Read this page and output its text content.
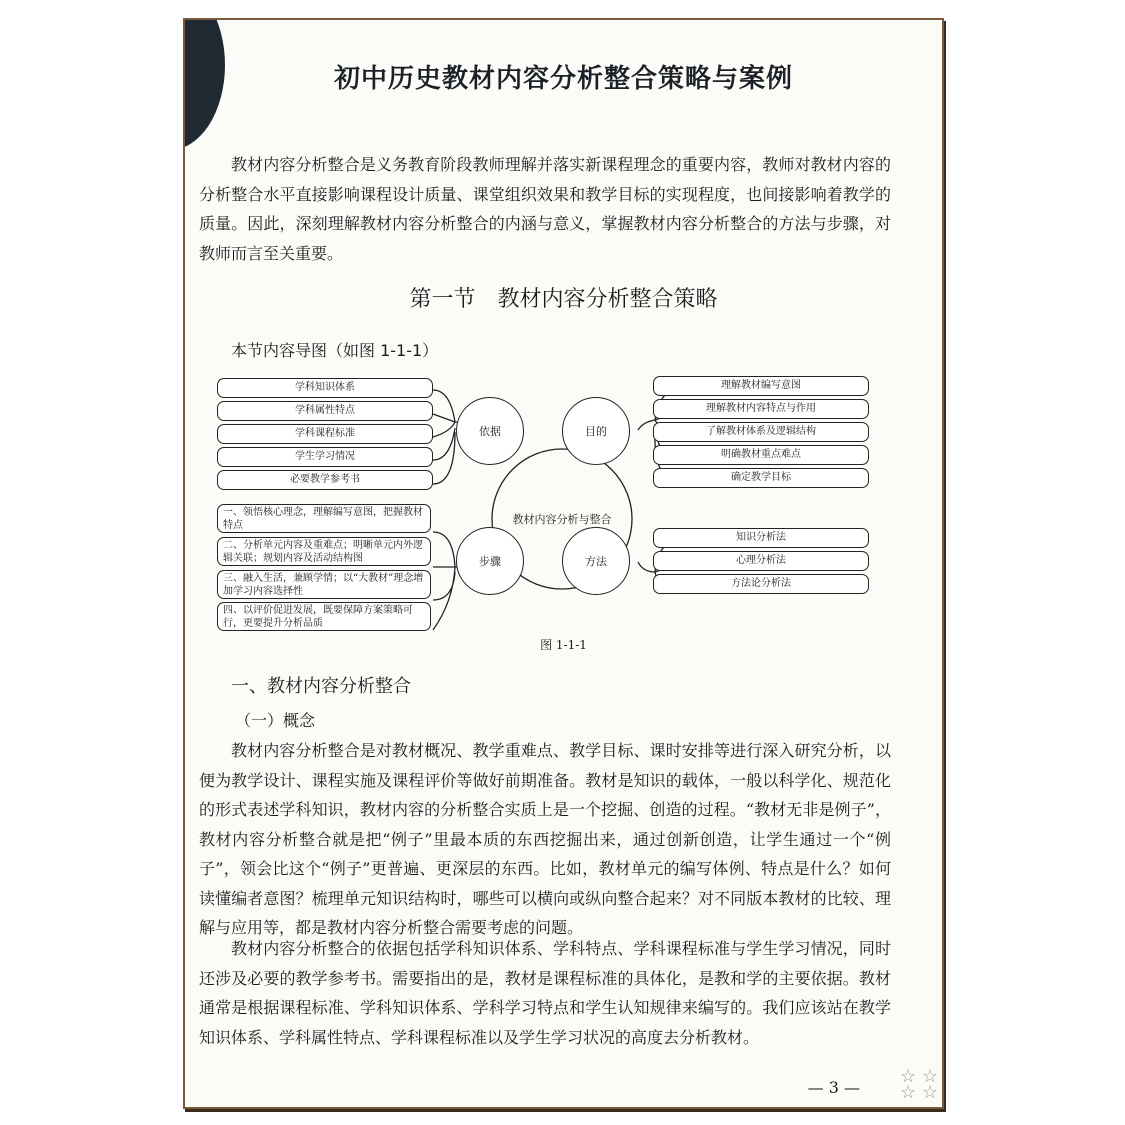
初中历史教材内容分析整合策略与案例
教材内容分析整合是义务教育阶段教师理解并落实新课程理念的重要内容，教师对教材内容的分析整合水平直接影响课程设计质量、课堂组织效果和教学目标的实现程度，也间接影响着教学的质量。因此，深刻理解教材内容分析整合的内涵与意义，掌握教材内容分析整合的方法与步骤，对教师而言至关重要。
第一节　教材内容分析整合策略
本节内容导图（如图 1-1-1）
学科知识体系
学科属性特点
学科课程标准
学生学习情况
必要教学参考书
理解教材编写意图
理解教材内容特点与作用
了解教材体系及逻辑结构
明确教材重点难点
确定教学目标
一、领悟核心理念，理解编写意图，把握教材特点
二、分析单元内容及重难点；明晰单元内外逻辑关联；规划内容及活动结构图
三、融入生活，兼顾学情；以“大教材”理念增加学习内容选择性
四、以评价促进发展，既要保障方案策略可行，更要提升分析品质
知识分析法
心理分析法
方法论分析法
依据	目的
步骤	方法
教材内容分析与整合
图 1-1-1
一、教材内容分析整合
（一）概念
教材内容分析整合是对教材概况、教学重难点、教学目标、课时安排等进行深入研究分析，以便为教学设计、课程实施及课程评价等做好前期准备。教材是知识的载体，一般以科学化、规范化的形式表述学科知识，教材内容的分析整合实质上是一个挖掘、创造的过程。“教材无非是例子”，教材内容分析整合就是把“例子”里最本质的东西挖掘出来，通过创新创造，让学生通过一个“例子”，领会比这个“例子”更普遍、更深层的东西。比如，教材单元的编写体例、特点是什么？如何读懂编者意图？梳理单元知识结构时，哪些可以横向或纵向整合起来？对不同版本教材的比较、理解与应用等，都是教材内容分析整合需要考虑的问题。
教材内容分析整合的依据包括学科知识体系、学科特点、学科课程标准与学生学习情况，同时还涉及必要的教学参考书。需要指出的是，教材是课程标准的具体化，是教和学的主要依据。教材通常是根据课程标准、学科知识体系、学科学习特点和学生认知规律来编写的。我们应该站在教学知识体系、学科属性特点、学科课程标准以及学生学习状况的高度去分析教材。
— 3 —
☆ ☆
☆ ☆
